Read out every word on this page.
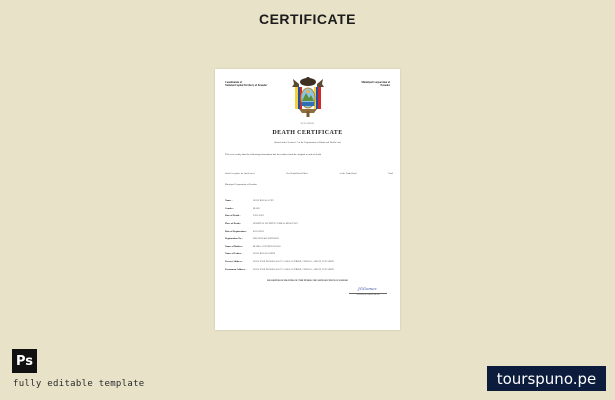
CERTIFICATE
Constitución of
National Capital Territory of Ecuador
Municipal Corporation of
Ecuador
ECUADOR
DEATH CERTIFICATE
(Issued under Section 17 of the Registration of Births and Deaths Act)
This is to certify that the following information has been taken from the original record of death
which is register for (local area)	Tm. North Rural Office	of the Tenth Rural	Total
Municipal Corporation of Ecuador
Name :	JUAN ROJAS ACEV
Gender :	MALE
Date of Death :	29/11/2022
Place of Death :	HOSPITAL VICENTE CORRAL MOSCOSO
Date of Registration :	02/12/2022
Registration No :	REG/2022/4471/09226812
Name of Mother :	MARIA ACEVEDO ROJAS
Name of Father :	JUAN ROJAS LOPEZ
Present Address :	JUAN JOSE FLORES 4-35 Y CALLE AGUIRRE, CUENCA, AZUAY, ECUADOR
Permanent Address :	JUAN JOSE FLORES 4-35 Y CALLE AGUIRRE, CUENCA, AZUAY, ECUADOR
REGISTER OF DEATHS OF THE PUBLIC HEALTH SECTION ECUADOR
JGGomez
GENERAL REGISTRAR
Ps
fully editable template	tourspuno.pe
